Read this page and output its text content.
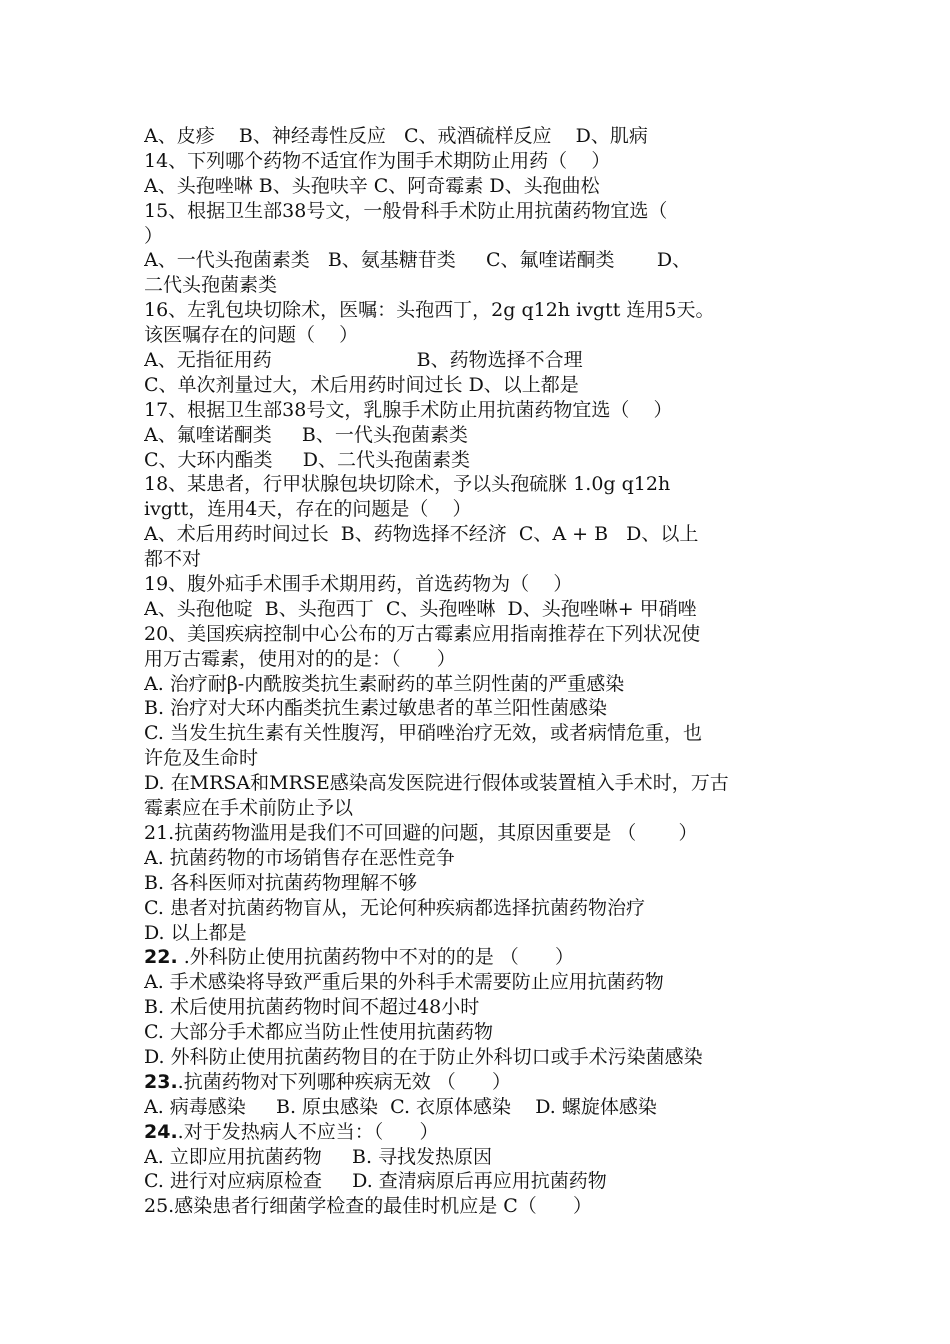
A、皮疹    B、神经毒性反应   C、戒酒硫样反应    D、肌病
14、下列哪个药物不适宜作为围手术期防止用药（    ）
A、头孢唑啉 B、头孢呋辛 C、阿奇霉素 D、头孢曲松
15、根据卫生部38号文，一般骨科手术防止用抗菌药物宜选（
）
A、一代头孢菌素类   B、氨基糖苷类     C、氟喹诺酮类       D、
二代头孢菌素类
16、左乳包块切除术，医嘱：头孢西丁，2g q12h ivgtt 连用5天。
该医嘱存在的问题（    ）
A、无指征用药                        B、药物选择不合理
C、单次剂量过大，术后用药时间过长 D、以上都是
17、根据卫生部38号文，乳腺手术防止用抗菌药物宜选（    ）
A、氟喹诺酮类     B、一代头孢菌素类
C、大环内酯类     D、二代头孢菌素类
18、某患者，行甲状腺包块切除术，予以头孢硫脒 1.0g q12h
ivgtt，连用4天，存在的问题是（    ）
A、术后用药时间过长  B、药物选择不经济  C、A + B   D、以上
都不对
19、腹外疝手术围手术期用药，首选药物为（    ）
A、头孢他啶  B、头孢西丁  C、头孢唑啉  D、头孢唑啉+ 甲硝唑
20、美国疾病控制中心公布的万古霉素应用指南推荐在下列状况使
用万古霉素，使用对的的是：（      ）
A. 治疗耐β-内酰胺类抗生素耐药的革兰阴性菌的严重感染
B. 治疗对大环内酯类抗生素过敏患者的革兰阳性菌感染
C. 当发生抗生素有关性腹泻，甲硝唑治疗无效，或者病情危重，也
许危及生命时
D. 在MRSA和MRSE感染高发医院进行假体或装置植入手术时，万古
霉素应在手术前防止予以
21.抗菌药物滥用是我们不可回避的问题，其原因重要是 （       ）
A. 抗菌药物的市场销售存在恶性竞争
B. 各科医师对抗菌药物理解不够
C. 患者对抗菌药物盲从，无论何种疾病都选择抗菌药物治疗
D. 以上都是
22. .外科防止使用抗菌药物中不对的的是 （      ）
A. 手术感染将导致严重后果的外科手术需要防止应用抗菌药物
B. 术后使用抗菌药物时间不超过48小时
C. 大部分手术都应当防止性使用抗菌药物
D. 外科防止使用抗菌药物目的在于防止外科切口或手术污染菌感染
23..抗菌药物对下列哪种疾病无效 （      ）
A. 病毒感染     B. 原虫感染  C. 衣原体感染    D. 螺旋体感染
24..对于发热病人不应当：（      ）
A. 立即应用抗菌药物     B. 寻找发热原因
C. 进行对应病原检查     D. 查清病原后再应用抗菌药物
25.感染患者行细菌学检查的最佳时机应是 C（      ）
